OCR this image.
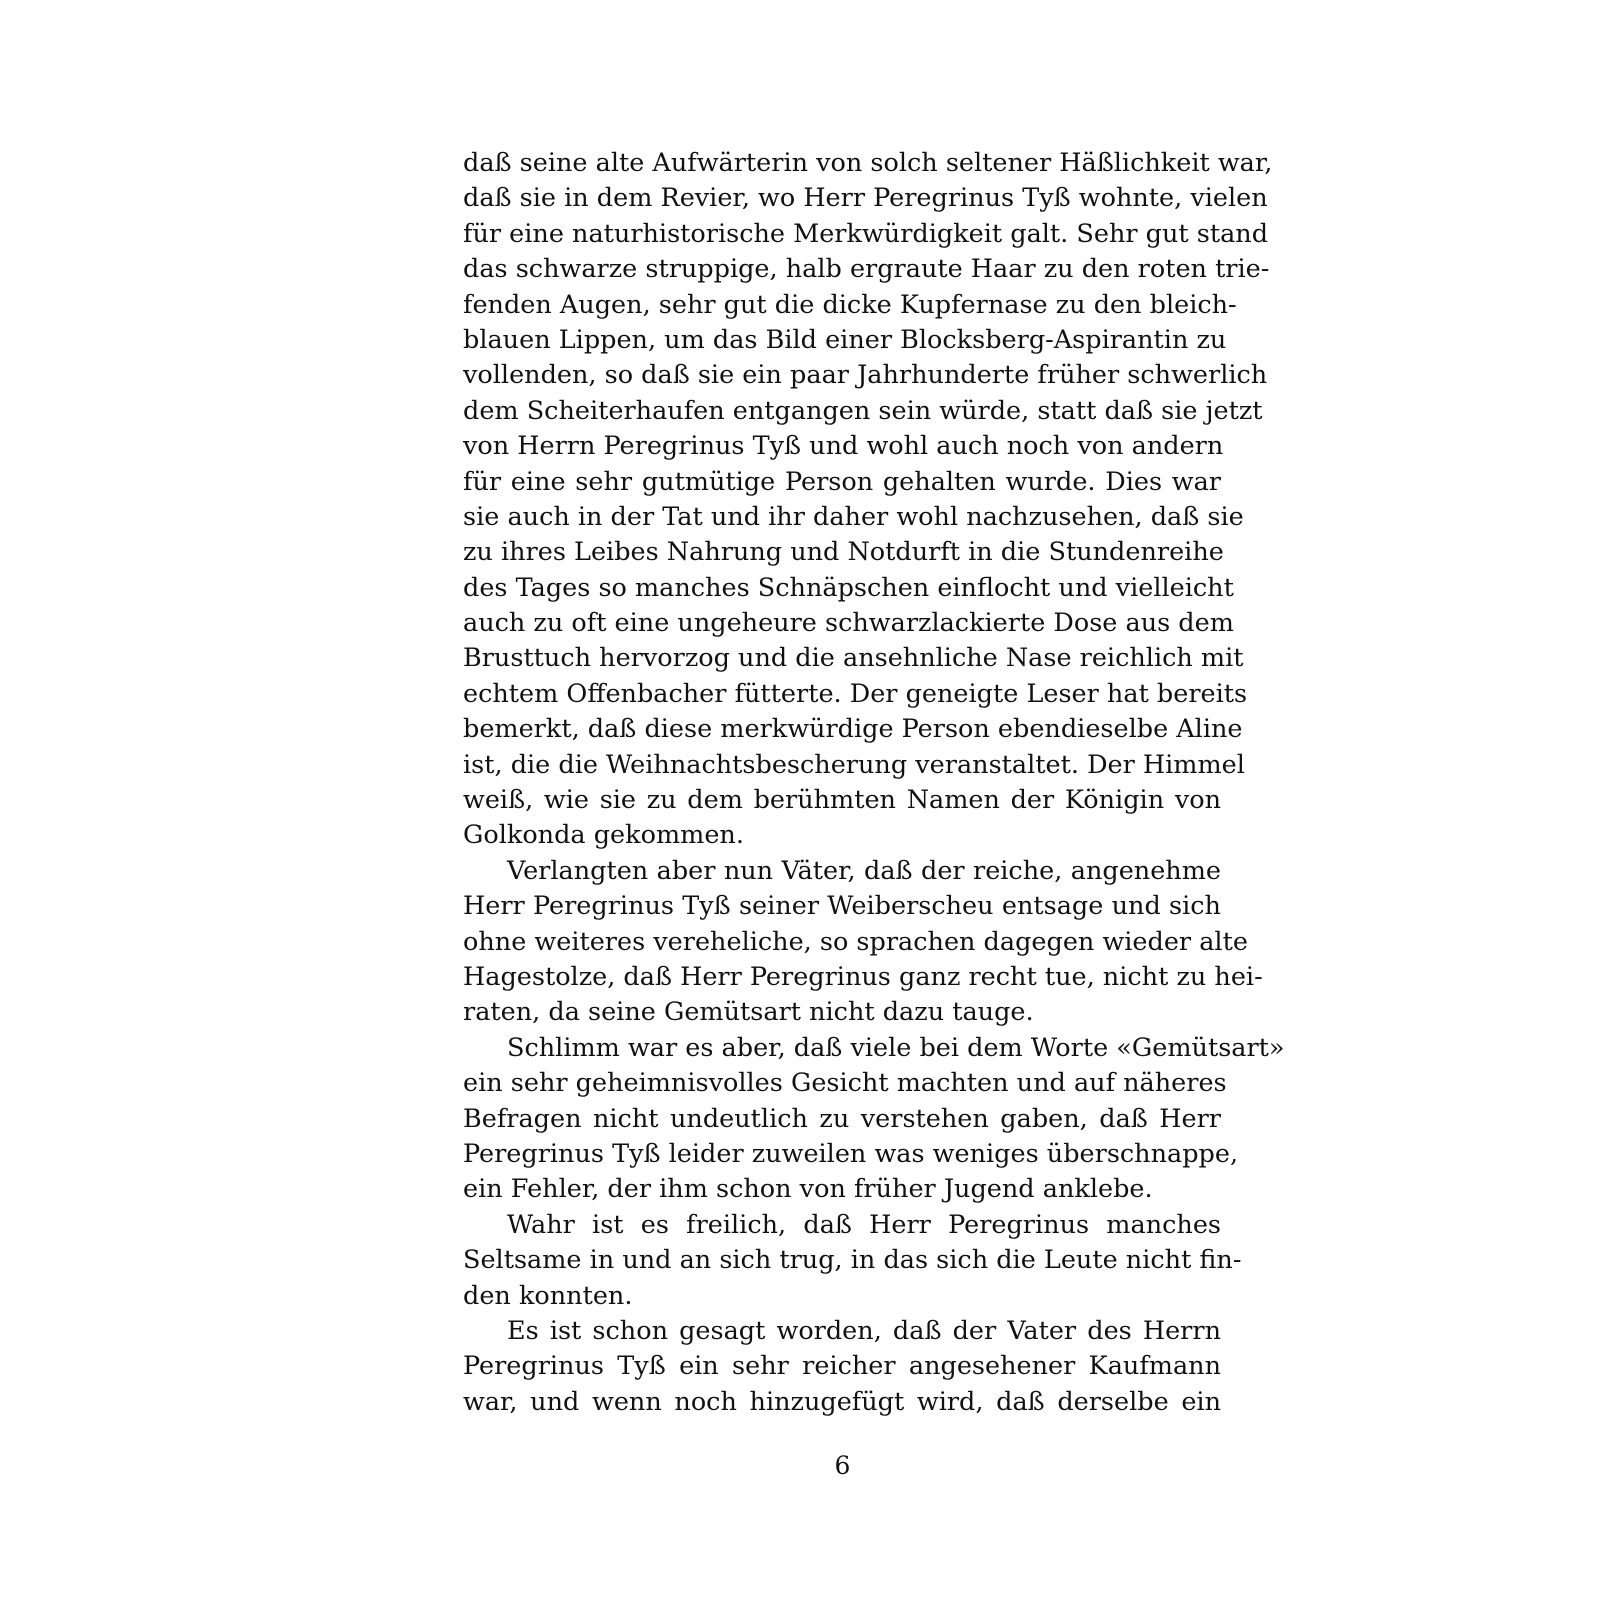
daß seine alte Aufwärterin von solch seltener Häßlichkeit war,
daß sie in dem Revier, wo Herr Peregrinus Tyß wohnte, vielen
für eine naturhistorische Merkwürdigkeit galt. Sehr gut stand
das schwarze struppige, halb ergraute Haar zu den roten trie-
fenden Augen, sehr gut die dicke Kupfernase zu den bleich-
blauen Lippen, um das Bild einer Blocksberg-Aspirantin zu
vollenden, so daß sie ein paar Jahrhunderte früher schwerlich
dem Scheiterhaufen entgangen sein würde, statt daß sie jetzt
von Herrn Peregrinus Tyß und wohl auch noch von andern
für eine sehr gutmütige Person gehalten wurde. Dies war
sie auch in der Tat und ihr daher wohl nachzusehen, daß sie
zu ihres Leibes Nahrung und Notdurft in die Stundenreihe
des Tages so manches Schnäpschen einflocht und vielleicht
auch zu oft eine ungeheure schwarzlackierte Dose aus dem
Brusttuch hervorzog und die ansehnliche Nase reichlich mit
echtem Offenbacher fütterte. Der geneigte Leser hat bereits
bemerkt, daß diese merkwürdige Person ebendieselbe Aline
ist, die die Weihnachtsbescherung veranstaltet. Der Himmel
weiß, wie sie zu dem berühmten Namen der Königin von
Golkonda gekommen.

Verlangten aber nun Väter, daß der reiche, angenehme
Herr Peregrinus Tyß seiner Weiberscheu entsage und sich
ohne weiteres vereheliche, so sprachen dagegen wieder alte
Hagestolze, daß Herr Peregrinus ganz recht tue, nicht zu hei-
raten, da seine Gemütsart nicht dazu tauge.

Schlimm war es aber, daß viele bei dem Worte «Gemütsart»
ein sehr geheimnisvolles Gesicht machten und auf näheres
Befragen nicht undeutlich zu verstehen gaben, daß Herr
Peregrinus Tyß leider zuweilen was weniges überschnappe,
ein Fehler, der ihm schon von früher Jugend anklebe.

Wahr ist es freilich, daß Herr Peregrinus manches
Seltsame in und an sich trug, in das sich die Leute nicht fin-
den konnten.

Es ist schon gesagt worden, daß der Vater des Herrn
Peregrinus Tyß ein sehr reicher angesehener Kaufmann
war, und wenn noch hinzugefügt wird, daß derselbe ein

6
